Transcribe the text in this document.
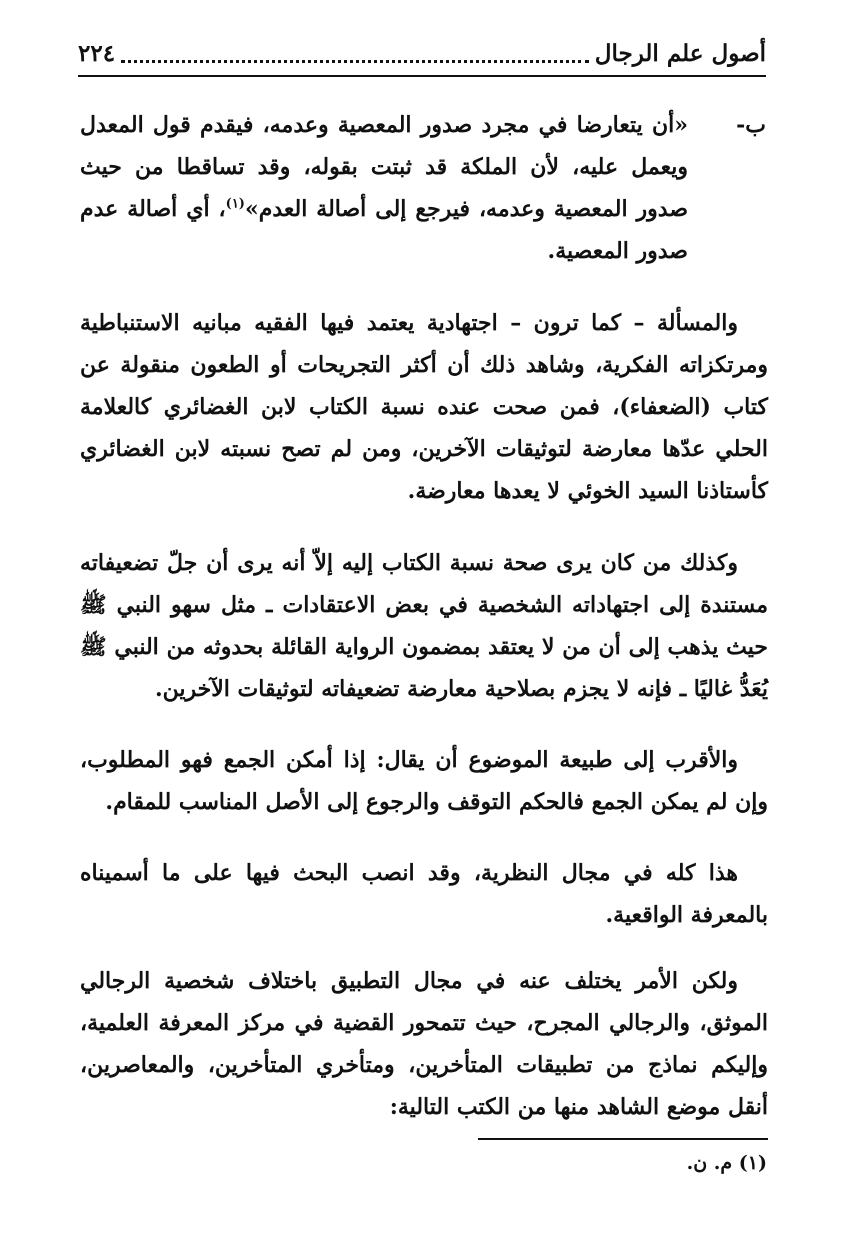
أصول علم الرجال
٢٢٤
ب-

«أن يتعارضا في مجرد صدور المعصية وعدمه، فيقدم قول المعدل ويعمل عليه، لأن الملكة قد ثبتت بقوله، وقد تساقطا من حيث صدور المعصية وعدمه، فيرجع إلى أصالة العدم»$^{(١)}$، أي أصالة عدم صدور المعصية.

والمسألة – كما ترون – اجتهادية يعتمد فيها الفقيه مبانيه الاستنباطية ومرتكزاته الفكرية، وشاهد ذلك أن أكثر التجريحات أو الطعون منقولة عن كتاب (الضعفاء)، فمن صحت عنده نسبة الكتاب لابن الغضائري كالعلامة الحلي عدّها معارضة لتوثيقات الآخرين، ومن لم تصح نسبته لابن الغضائري كأستاذنا السيد الخوئي لا يعدها معارضة.

وكذلك من كان يرى صحة نسبة الكتاب إليه إلاّ أنه يرى أن جلّ تضعيفاته مستندة إلى اجتهاداته الشخصية في بعض الاعتقادات ـ مثل سهو النبي ﷺ حيث يذهب إلى أن من لا يعتقد بمضمون الرواية القائلة بحدوثه من النبي ﷺ يُعَدُّ غاليًا ـ فإنه لا يجزم بصلاحية معارضة تضعيفاته لتوثيقات الآخرين.

والأقرب إلى طبيعة الموضوع أن يقال: إذا أمكن الجمع فهو المطلوب، وإن لم يمكن الجمع فالحكم التوقف والرجوع إلى الأصل المناسب للمقام.

هذا كله في مجال النظرية، وقد انصب البحث فيها على ما أسميناه بالمعرفة الواقعية.

ولكن الأمر يختلف عنه في مجال التطبيق باختلاف شخصية الرجالي الموثق، والرجالي المجرح، حيث تتمحور القضية في مركز المعرفة العلمية، وإليكم نماذج من تطبيقات المتأخرين، ومتأخري المتأخرين، والمعاصرين، أنقل موضع الشاهد منها من الكتب التالية:

(١) م. ن.
